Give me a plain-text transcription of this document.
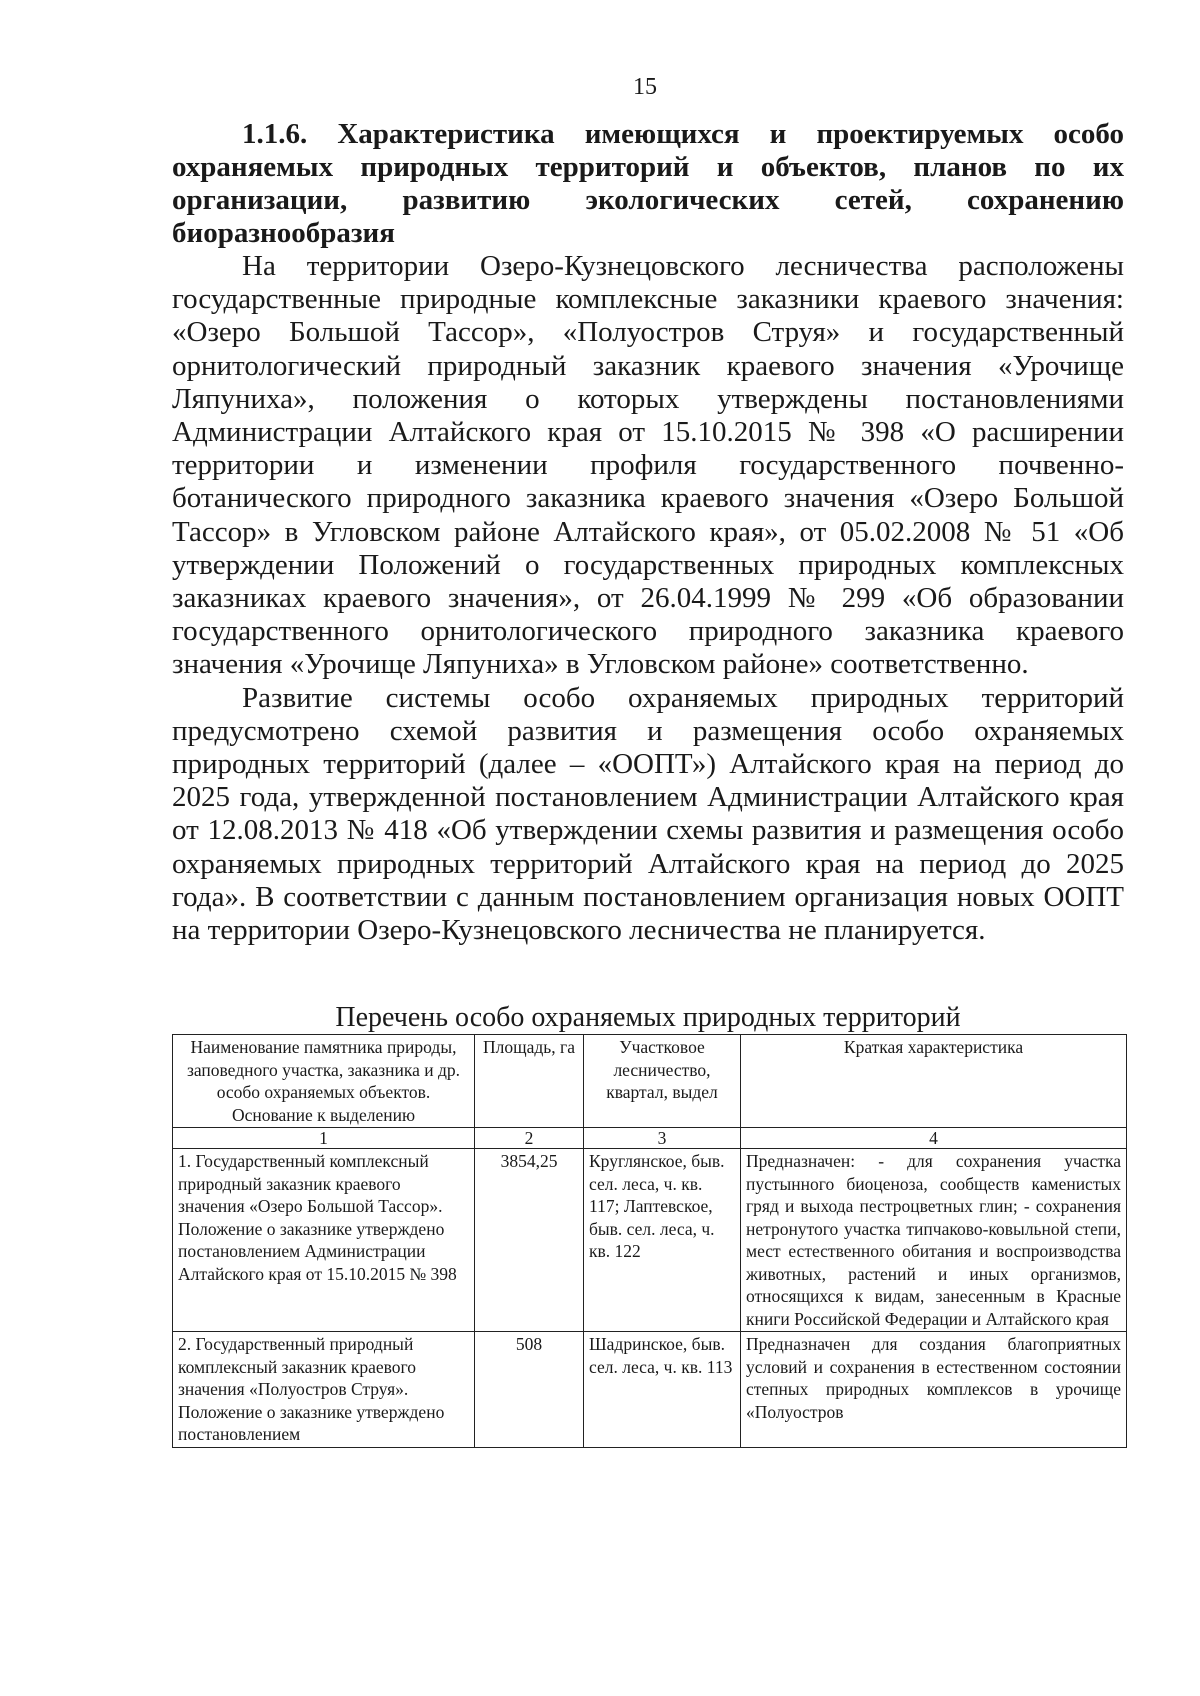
15

1.1.6. Характеристика имеющихся и проектируемых особо охраняемых природных территорий и объектов, планов по их организации, развитию экологических сетей, сохранению биоразнообразия

На территории Озеро-Кузнецовского лесничества расположены государственные природные комплексные заказники краевого значения: «Озеро Большой Тассор», «Полуостров Струя» и государственный орнитологический природный заказник краевого значения «Урочище Ляпуниха», положения о которых утверждены постановлениями Администрации Алтайского края от 15.10.2015 № 398 «О расширении территории и изменении профиля государственного почвенно-ботанического природного заказника краевого значения «Озеро Большой Тассор» в Угловском районе Алтайского края», от 05.02.2008 № 51 «Об утверждении Положений о государственных природных комплексных заказниках краевого значения», от 26.04.1999 № 299 «Об образовании государственного орнитологического природного заказника краевого значения «Урочище Ляпуниха» в Угловском районе» соответственно.

Развитие системы особо охраняемых природных территорий предусмотрено схемой развития и размещения особо охраняемых природных территорий (далее – «ООПТ») Алтайского края на период до 2025 года, утвержденной постановлением Администрации Алтайского края от 12.08.2013 № 418 «Об утверждении схемы развития и размещения особо охраняемых природных территорий Алтайского края на период до 2025 года». В соответствии с данным постановлением организация новых ООПТ на территории Озеро-Кузнецовского лесничества не планируется.

Перечень особо охраняемых природных территорий

Наименование памятника природы, заповедного участка, заказника и др. особо охраняемых объектов. Основание к выделению	Площадь, га	Участковое лесничество, квартал, выдел	Краткая характеристика
1	2	3	4
1. Государственный комплексный природный заказник краевого значения «Озеро Большой Тассор». Положение о заказнике утверждено постановлением Администрации Алтайского края от 15.10.2015 № 398	3854,25	Круглянское, быв. сел. леса, ч. кв. 117; Лаптевское, быв. сел. леса, ч. кв. 122	Предназначен: - для сохранения участка пустынного биоценоза, сообществ каменистых гряд и выхода пестроцветных глин; - сохранения нетронутого участка типчаково-ковыльной степи, мест естественного обитания и воспроизводства животных, растений и иных организмов, относящихся к видам, занесенным в Красные книги Российской Федерации и Алтайского края
2. Государственный природный комплексный заказник краевого значения «Полуостров Струя». Положение о заказнике утверждено постановлением	508	Шадринское, быв. сел. леса, ч. кв. 113	Предназначен для создания благоприятных условий и сохранения в естественном состоянии степных природных комплексов в урочище «Полуостров
